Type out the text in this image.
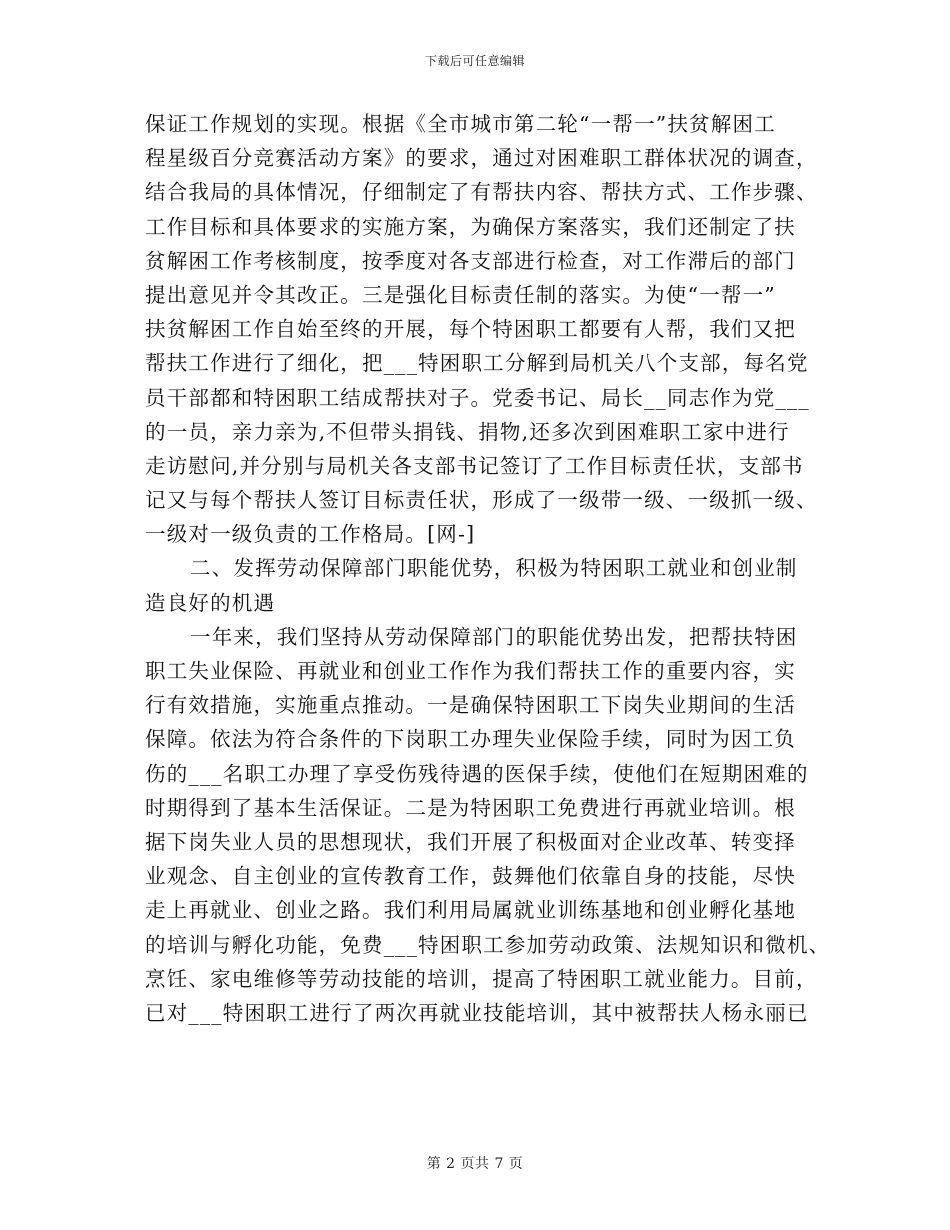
下载后可任意编辑
保证工作规划的实现。根据《全市城市第二轮“一帮一”扶贫解困工
程星级百分竞赛活动方案》的要求，通过对困难职工群体状况的调查，
结合我局的具体情况，仔细制定了有帮扶内容、帮扶方式、工作步骤、
工作目标和具体要求的实施方案，为确保方案落实，我们还制定了扶
贫解困工作考核制度，按季度对各支部进行检查，对工作滞后的部门
提出意见并令其改正。三是强化目标责任制的落实。为使“一帮一”
扶贫解困工作自始至终的开展，每个特困职工都要有人帮，我们又把
帮扶工作进行了细化，把___特困职工分解到局机关八个支部，每名党
员干部都和特困职工结成帮扶对子。党委书记、局长__同志作为党___
的一员，亲力亲为,不但带头捐钱、捐物,还多次到困难职工家中进行
走访慰问,并分别与局机关各支部书记签订了工作目标责任状，支部书
记又与每个帮扶人签订目标责任状，形成了一级带一级、一级抓一级、
一级对一级负责的工作格局。[网-]
二、发挥劳动保障部门职能优势，积极为特困职工就业和创业制
造良好的机遇
一年来，我们坚持从劳动保障部门的职能优势出发，把帮扶特困
职工失业保险、再就业和创业工作作为我们帮扶工作的重要内容，实
行有效措施，实施重点推动。一是确保特困职工下岗失业期间的生活
保障。依法为符合条件的下岗职工办理失业保险手续，同时为因工负
伤的___名职工办理了享受伤残待遇的医保手续，使他们在短期困难的
时期得到了基本生活保证。二是为特困职工免费进行再就业培训。根
据下岗失业人员的思想现状，我们开展了积极面对企业改革、转变择
业观念、自主创业的宣传教育工作，鼓舞他们依靠自身的技能，尽快
走上再就业、创业之路。我们利用局属就业训练基地和创业孵化基地
的培训与孵化功能，免费___特困职工参加劳动政策、法规知识和微机、
烹饪、家电维修等劳动技能的培训，提高了特困职工就业能力。目前，
已对___特困职工进行了两次再就业技能培训，其中被帮扶人杨永丽已
第 2 页共 7 页
